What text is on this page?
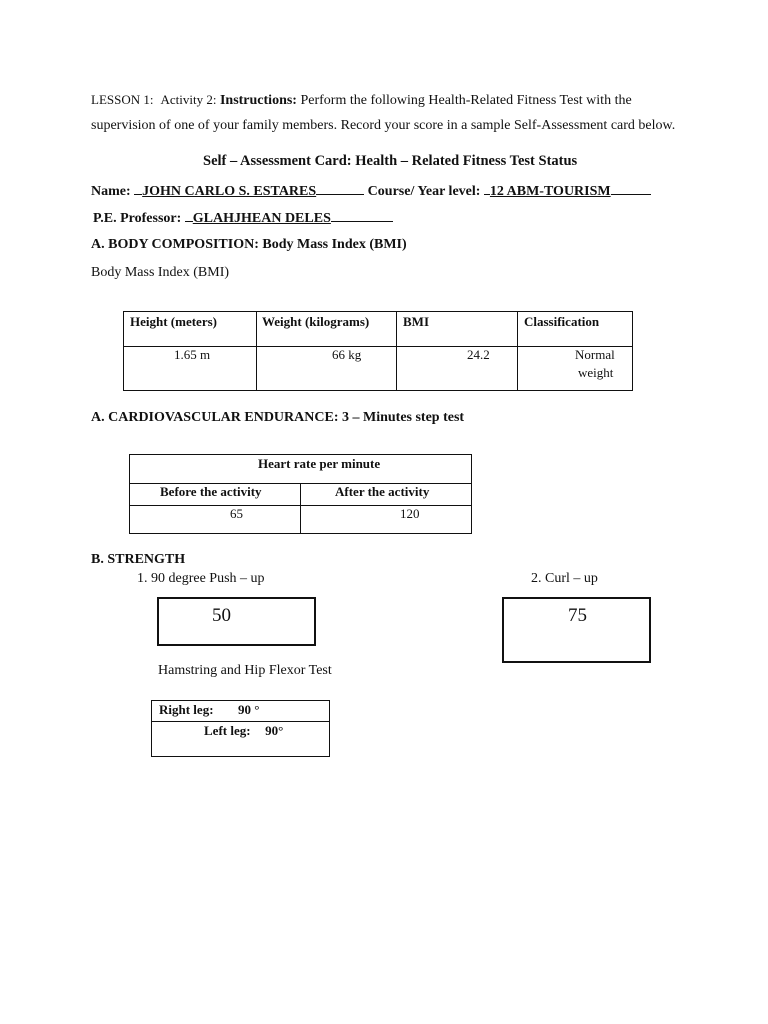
LESSON 1: Activity 2: Instructions: Perform the following Health-Related Fitness Test with the
supervision of one of your family members. Record your score in a sample Self-Assessment card below.
Self – Assessment Card: Health – Related Fitness Test Status
Name: JOHN CARLO S. ESTARES	Course/ Year level: 12 ABM-TOURISM
P.E. Professor: GLAHJHEAN DELES
A. BODY COMPOSITION: Body Mass Index (BMI)
Body Mass Index (BMI)
Height (meters)	Weight (kilograms)	BMI	Classification
1.65 m	66 kg	24.2	Normal
weight
A. CARDIOVASCULAR ENDURANCE: 3 – Minutes step test
Heart rate per minute
Before the activity	After the activity
65	120
B. STRENGTH
1. 90 degree Push – up	2. Curl – up
50	75
Hamstring and Hip Flexor Test
Right leg: 90 °
Left leg: 90°
